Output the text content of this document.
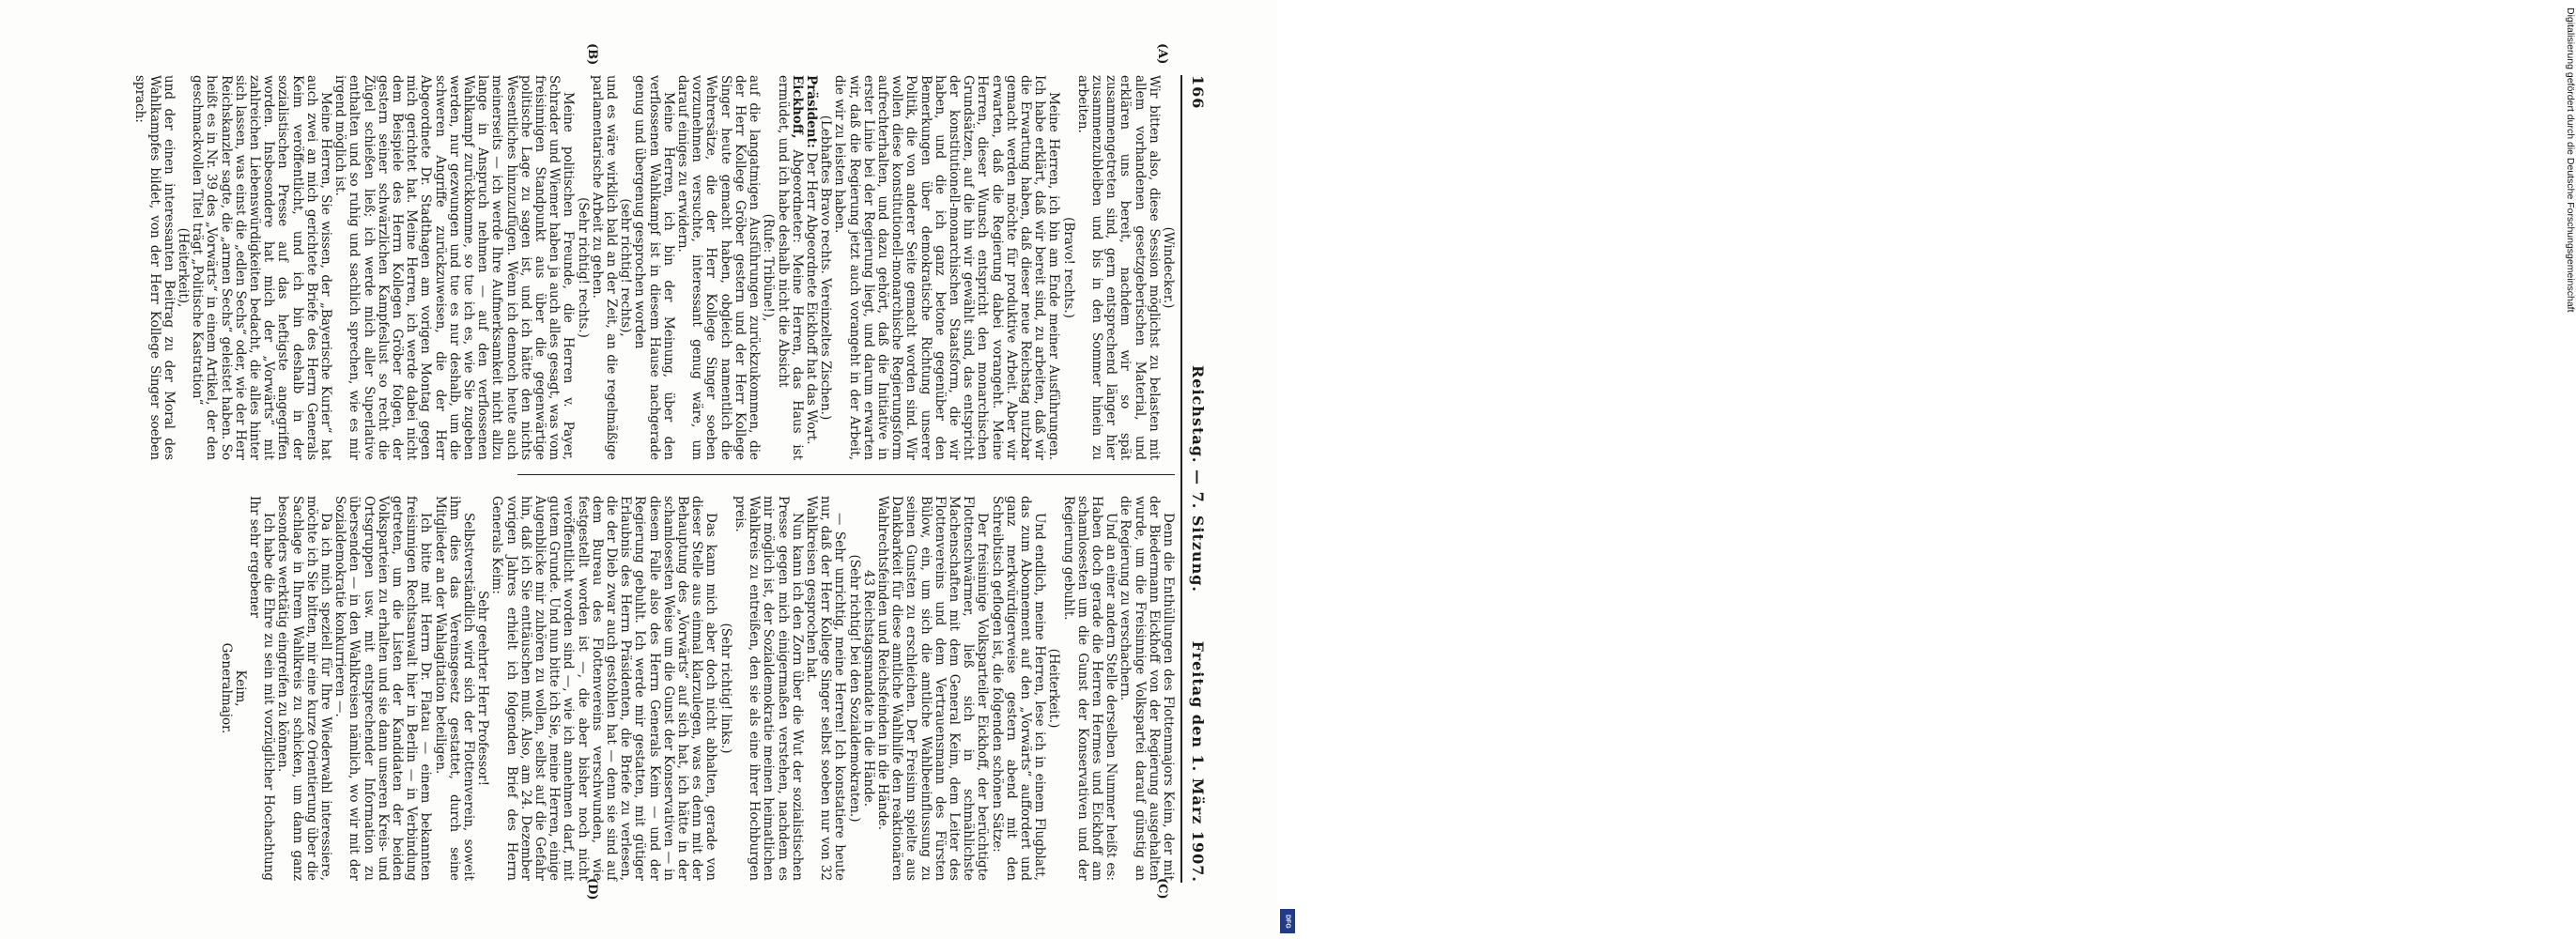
166
Reichstag. — 7. Sitzung.
Freitag den 1. März 1907.

(Windecker.)

Wir bitten also, diese Session möglichst zu belasten mit allem vorhandenen gesetzgeberischen Material, und erklären uns bereit, nachdem wir so spät zusammengetreten sind, gern entsprechend länger hier zusammenzubleiben und bis in den Sommer hinein zu arbeiten.

(Bravo! rechts.)

Meine Herren, ich bin am Ende meiner Ausführungen. Ich habe erklärt, daß wir bereit sind, zu arbeiten, daß wir die Erwartung haben, daß dieser neue Reichstag nutzbar gemacht werden möchte für produktive Arbeit. Aber wir erwarten, daß die Regierung dabei vorangeht. Meine Herren, dieser Wunsch entspricht den monarchischen Grundsätzen, auf die hin wir gewählt sind, das entspricht der konstitutionell-monarchischen Staatsform, die wir haben, und die ich ganz betone gegenüber den Bemerkungen über demokratische Richtung unserer Politik, die von anderer Seite gemacht worden sind. Wir wollen diese konstitutionell-monarchische Regierungsform aufrechterhalten, und dazu gehört, daß die Initiative in erster Linie bei der Regierung liegt, und darum erwarten wir, daß die Regierung jetzt auch vorangeht in der Arbeit, die wir zu leisten haben.

(Lebhaftes Bravo rechts. Vereinzeltes Zischen.)

Präsident: Der Herr Abgeordnete Eickhoff hat das Wort.

Eickhoff, Abgeordneter: Meine Herren, das Haus ist ermüdet, und ich habe deshalb nicht die Absicht

(Rufe: Tribüne!),

auf die langatmigen Ausführungen zurückzukommen, die der Herr Kollege Gröber gestern und der Herr Kollege Singer heute gemacht haben, obgleich namentlich die Wehrersätze, die der Herr Kollege Singer soeben vorzunehmen versuchte, interessant genug wäre, um darauf einiges zu erwidern.

Meine Herren, ich bin der Meinung, über den verflossenen Wahlkampf ist in diesem Hause nachgerade genug und übergenug gesprochen worden

(sehr richtig! rechts),

und es wäre wirklich bald an der Zeit, an die regelmäßige parlamentarische Arbeit zu gehen.

(Sehr richtig! rechts.)

Meine politischen Freunde, die Herren v. Payer, Schrader und Wiemer haben ja auch alles gesagt, was vom freisinnigen Standpunkt aus über die gegenwärtige politische Lage zu sagen ist, und ich hätte den nichts Wesentliches hinzuzufügen. Wenn ich dennoch heute auch meinerseits — ich werde Ihre Aufmerksamkeit nicht allzu lange in Anspruch nehmen — auf den verflossenen Wahlkampf zurückkomme, so tue ich es, wie Sie zugeben werden, nur gezwungen und tue es nur deshalb, um die schweren Angriffe zurückzuweisen, die der Herr Abgeordnete Dr. Stadthagen am vorigen Montag gegen mich gerichtet hat. Meine Herren, ich werde dabei nicht dem Beispiele des Herrn Kollegen Gröber folgen, der gestern seiner schwärzlichen Kampfeslust so recht die Zügel schießen ließ; ich werde mich aller Superlative enthalten und so ruhig und sachlich sprechen, wie es mir irgend möglich ist.

Meine Herren, Sie wissen, der „Bayerische Kurier“ hat auch zwei an mich gerichtete Briefe des Herrn Generals Keim veröffentlicht, und ich bin deshalb in der sozialistischen Presse auf das heftigste angegriffen worden. Insbesondere hat mich der „Vorwärts“ mit zahlreichen Liebenswürdigkeiten bedacht, die alles hinter sich lassen, was einst die „edlen Sechs“ oder, wie der Herr Reichskanzler sagte, die „armen Sechs“ geleistet haben. So heißt es in Nr. 39 des „Vorwärts“ in einem Artikel, der den geschmackvollen Titel trägt „Politische Kastration“

(Heiterkeit),

und der einen interessanten Beitrag zu der Moral des Wahlkampfes bildet, von der Herr Kollege Singer soeben sprach:

Denn die Enthüllungen des Flottenmajors Keim, der mit der Biedermann Eickhoff von der Regierung ausgehalten wurde, um die Freisinnige Volkspartei darauf günstig an die Regierung zu verschachern.

Und an einer andern Stelle derselben Nummer heißt es: Haben doch gerade die Herren Hermes und Eickhoff am schamlosesten um die Gunst der Konservativen und der Regierung gebuhlt.

(Heiterkeit.)

Und endlich, meine Herren, lese ich in einem Flugblatt, das zum Abonnement auf den „Vorwärts“ auffordert und ganz merkwürdigerweise gestern abend mit den Schreibtisch geflogen ist, die folgenden schönen Sätze:

Der freisinnige Volksparteiler Eickhoff, der berüchtigte Flottenschwärmer, ließ sich in schmählichste Machenschaften mit dem General Keim, dem Leiter des Flottenvereins und dem Vertrauensmann des Fürsten Bülow, ein, um sich die amtliche Wahlbeeinflussung zu seinen Gunsten zu erschleichen. Der Freisinn spielte aus Dankbarkeit für diese amtliche Wahlhilfe den reaktionären Wahlrechtsfeinden und Reichsfeinden in die Hände.

43 Reichstagsmandate in die Hände.

(Sehr richtig! bei den Sozialdemokraten.)

— Sehr unrichtig, meine Herren! Ich konstatiere heute nur, daß der Herr Kollege Singer selbst soeben nur von 32 Wahlkreisen gesprochen hat.

Nun kann ich den Zorn über die Wut der sozialistischen Presse gegen mich einigermaßen verstehen, nachdem es mir möglich ist, der Sozialdemokratie meinen heimatlichen Wahlkreis zu entreißen, den sie als eine ihrer Hochburgen preis.

(Sehr richtig! links.)

Das kann mich aber doch nicht abhalten, gerade von dieser Stelle aus einmal klarzulegen, was es denn mit der Behauptung des „Vorwärts“ auf sich hat, ich hätte in der schamlosesten Weise um die Gunst der Konservativen — in diesem Falle also des Herrn Generals Keim — und der Regierung gebuhlt. Ich werde mir gestatten, mit gütiger Erlaubnis des Herrn Präsidenten, die Briefe zu verlesen, die der Dieb zwar auch gestohlen hat — denn sie sind auf dem Bureau des Flottenvereins verschwunden, wie festgestellt worden ist —, die aber bisher noch nicht veröffentlicht worden sind —, wie ich annehmen darf, mit gutem Grunde. Und nun bitte ich Sie, meine Herren, einige Augenblicke mir zuhören zu wollen, selbst auf die Gefahr hin, daß ich Sie enttäuschen muß. Also, am 24. Dezember vorigen Jahres erhielt ich folgenden Brief des Herrn Generals Keim:

Sehr geehrter Herr Professor!

Selbstverständlich wird sich der Flottenverein, soweit ihm dies das Vereinsgesetz gestattet, durch seine Mitglieder an der Wahlagitation beteiligen.

Ich bitte mit Herrn Dr. Flatau — einem bekannten freisinnigen Rechtsanwalt hier in Berlin — in Verbindung getreten, um die Listen der Kandidaten der beiden Volksparteien zu erhalten und sie dann unseren Kreis- und Ortsgruppen usw. mit entsprechender Information zu übersenden — in den Wahlkreisen nämlich, wo wir mit der Sozialdemokratie konkurrieren —.

Da ich mich speziell für Ihre Wiederwahl interessiere, möchte ich Sie bitten, mir eine kurze Orientierung über die Sachlage in Ihrem Wahlkreis zu schicken, um dann ganz besonders werktätig eingreifen zu können.

Ich habe die Ehre zu sein mit vorzüglicher Hochachtung Ihr sehr ergebener

Keim,

Generalmajor.

(A)
(B)
(C)
(D)
Digitalisierung gefördert durch die Deutsche Forschungsgemeinschaft
DFG
